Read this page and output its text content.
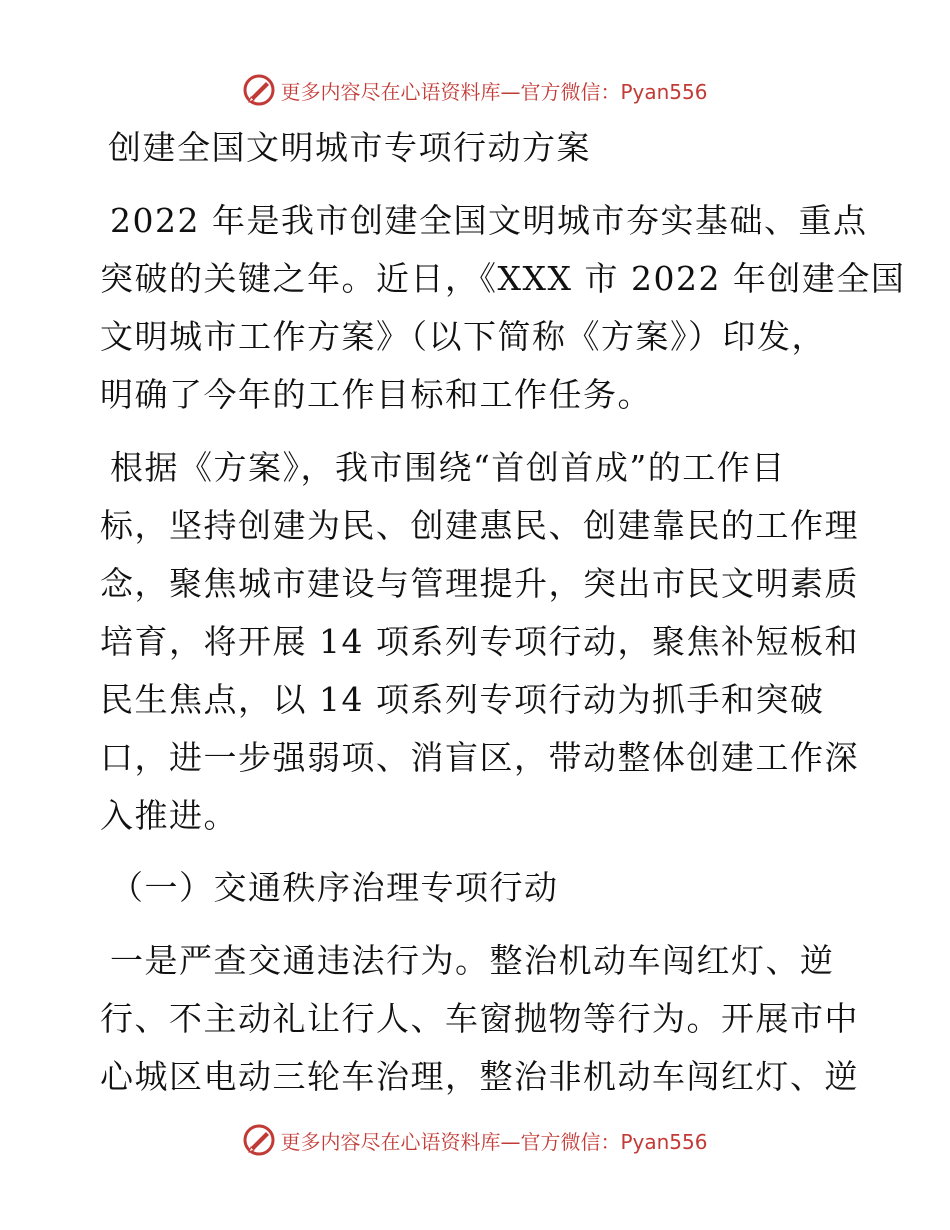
更多内容尽在心语资料库—官方微信：Pyan556
创建全国文明城市专项行动方案
2022 年是我市创建全国文明城市夯实基础、重点
突破的关键之年。近日，《XXX 市 2022 年创建全国
文明城市工作方案》（以下简称《方案》）印发，
明确了今年的工作目标和工作任务。
根据《方案》，我市围绕“首创首成”的工作目
标，坚持创建为民、创建惠民、创建靠民的工作理
念，聚焦城市建设与管理提升，突出市民文明素质
培育，将开展 14 项系列专项行动，聚焦补短板和
民生焦点，以 14 项系列专项行动为抓手和突破
口，进一步强弱项、消盲区，带动整体创建工作深
入推进。
（一）交通秩序治理专项行动
一是严查交通违法行为。整治机动车闯红灯、逆
行、不主动礼让行人、车窗抛物等行为。开展市中
心城区电动三轮车治理，整治非机动车闯红灯、逆
更多内容尽在心语资料库—官方微信：Pyan556
